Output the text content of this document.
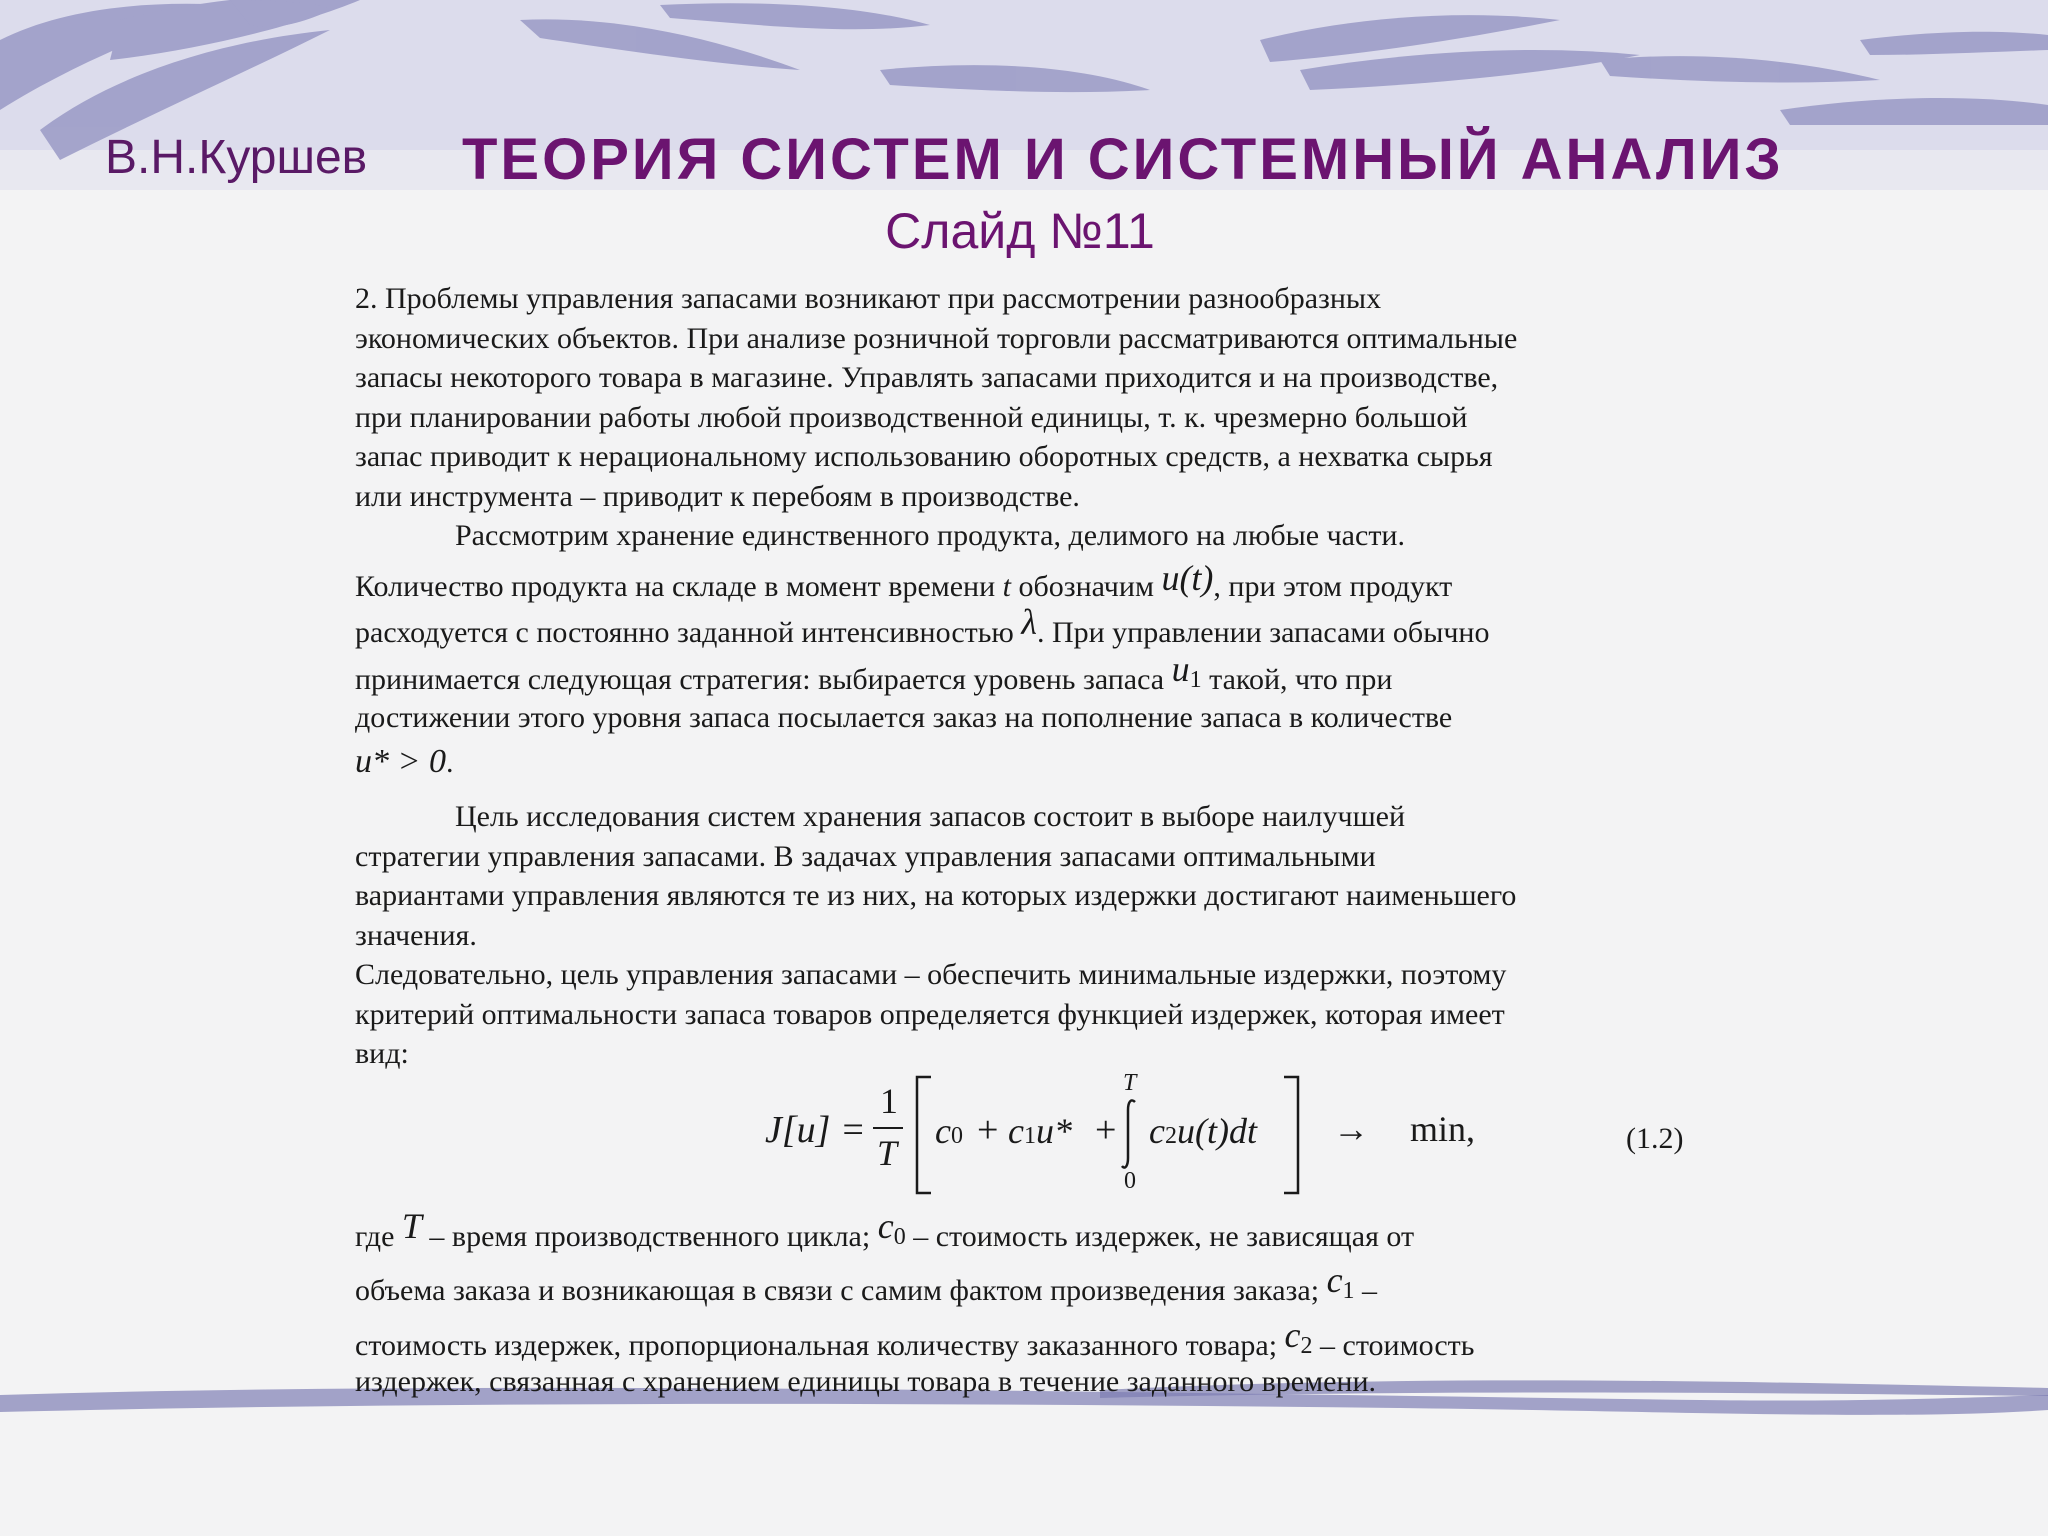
В.Н.Куршев ТЕОРИЯ СИСТЕМ И СИСТЕМНЫЙ АНАЛИЗ
Слайд №11
2. Проблемы управления запасами возникают при рассмотрении разнообразных
экономических объектов. При анализе розничной торговли рассматриваются оптимальные
запасы некоторого товара в магазине. Управлять запасами приходится и на производстве,
при планировании работы любой производственной единицы, т. к. чрезмерно большой
запас приводит к нерациональному использованию оборотных средств, а нехватка сырья
или инструмента – приводит к перебоям в производстве.
Рассмотрим хранение единственного продукта, делимого на любые части.
Количество продукта на складе в момент времени t обозначим u(t), при этом продукт
расходуется с постоянно заданной интенсивностью λ. При управлении запасами обычно
принимается следующая стратегия: выбирается уровень запаса $u_1$ такой, что при
достижении этого уровня запаса посылается заказ на пополнение запаса в количестве
u* > 0.
Цель исследования систем хранения запасов состоит в выборе наилучшей
стратегии управления запасами. В задачах управления запасами оптимальными
вариантами управления являются те из них, на которых издержки достигают наименьшего
значения.
Следовательно, цель управления запасами – обеспечить минимальные издержки, поэтому
критерий оптимальности запаса товаров определяется функцией издержек, которая имеет
вид:
J[u] =
1
T
c0 + c1u* +
T
0
c2u(t)dt → min,	(1.2)
где T – время производственного цикла; $c_0$ – стоимость издержек, не зависящая от
объема заказа и возникающая в связи с самим фактом произведения заказа; $c_1$ –
стоимость издержек, пропорциональная количеству заказанного товара; $c_2$ – стоимость
издержек, связанная с хранением единицы товара в течение заданного времени.
